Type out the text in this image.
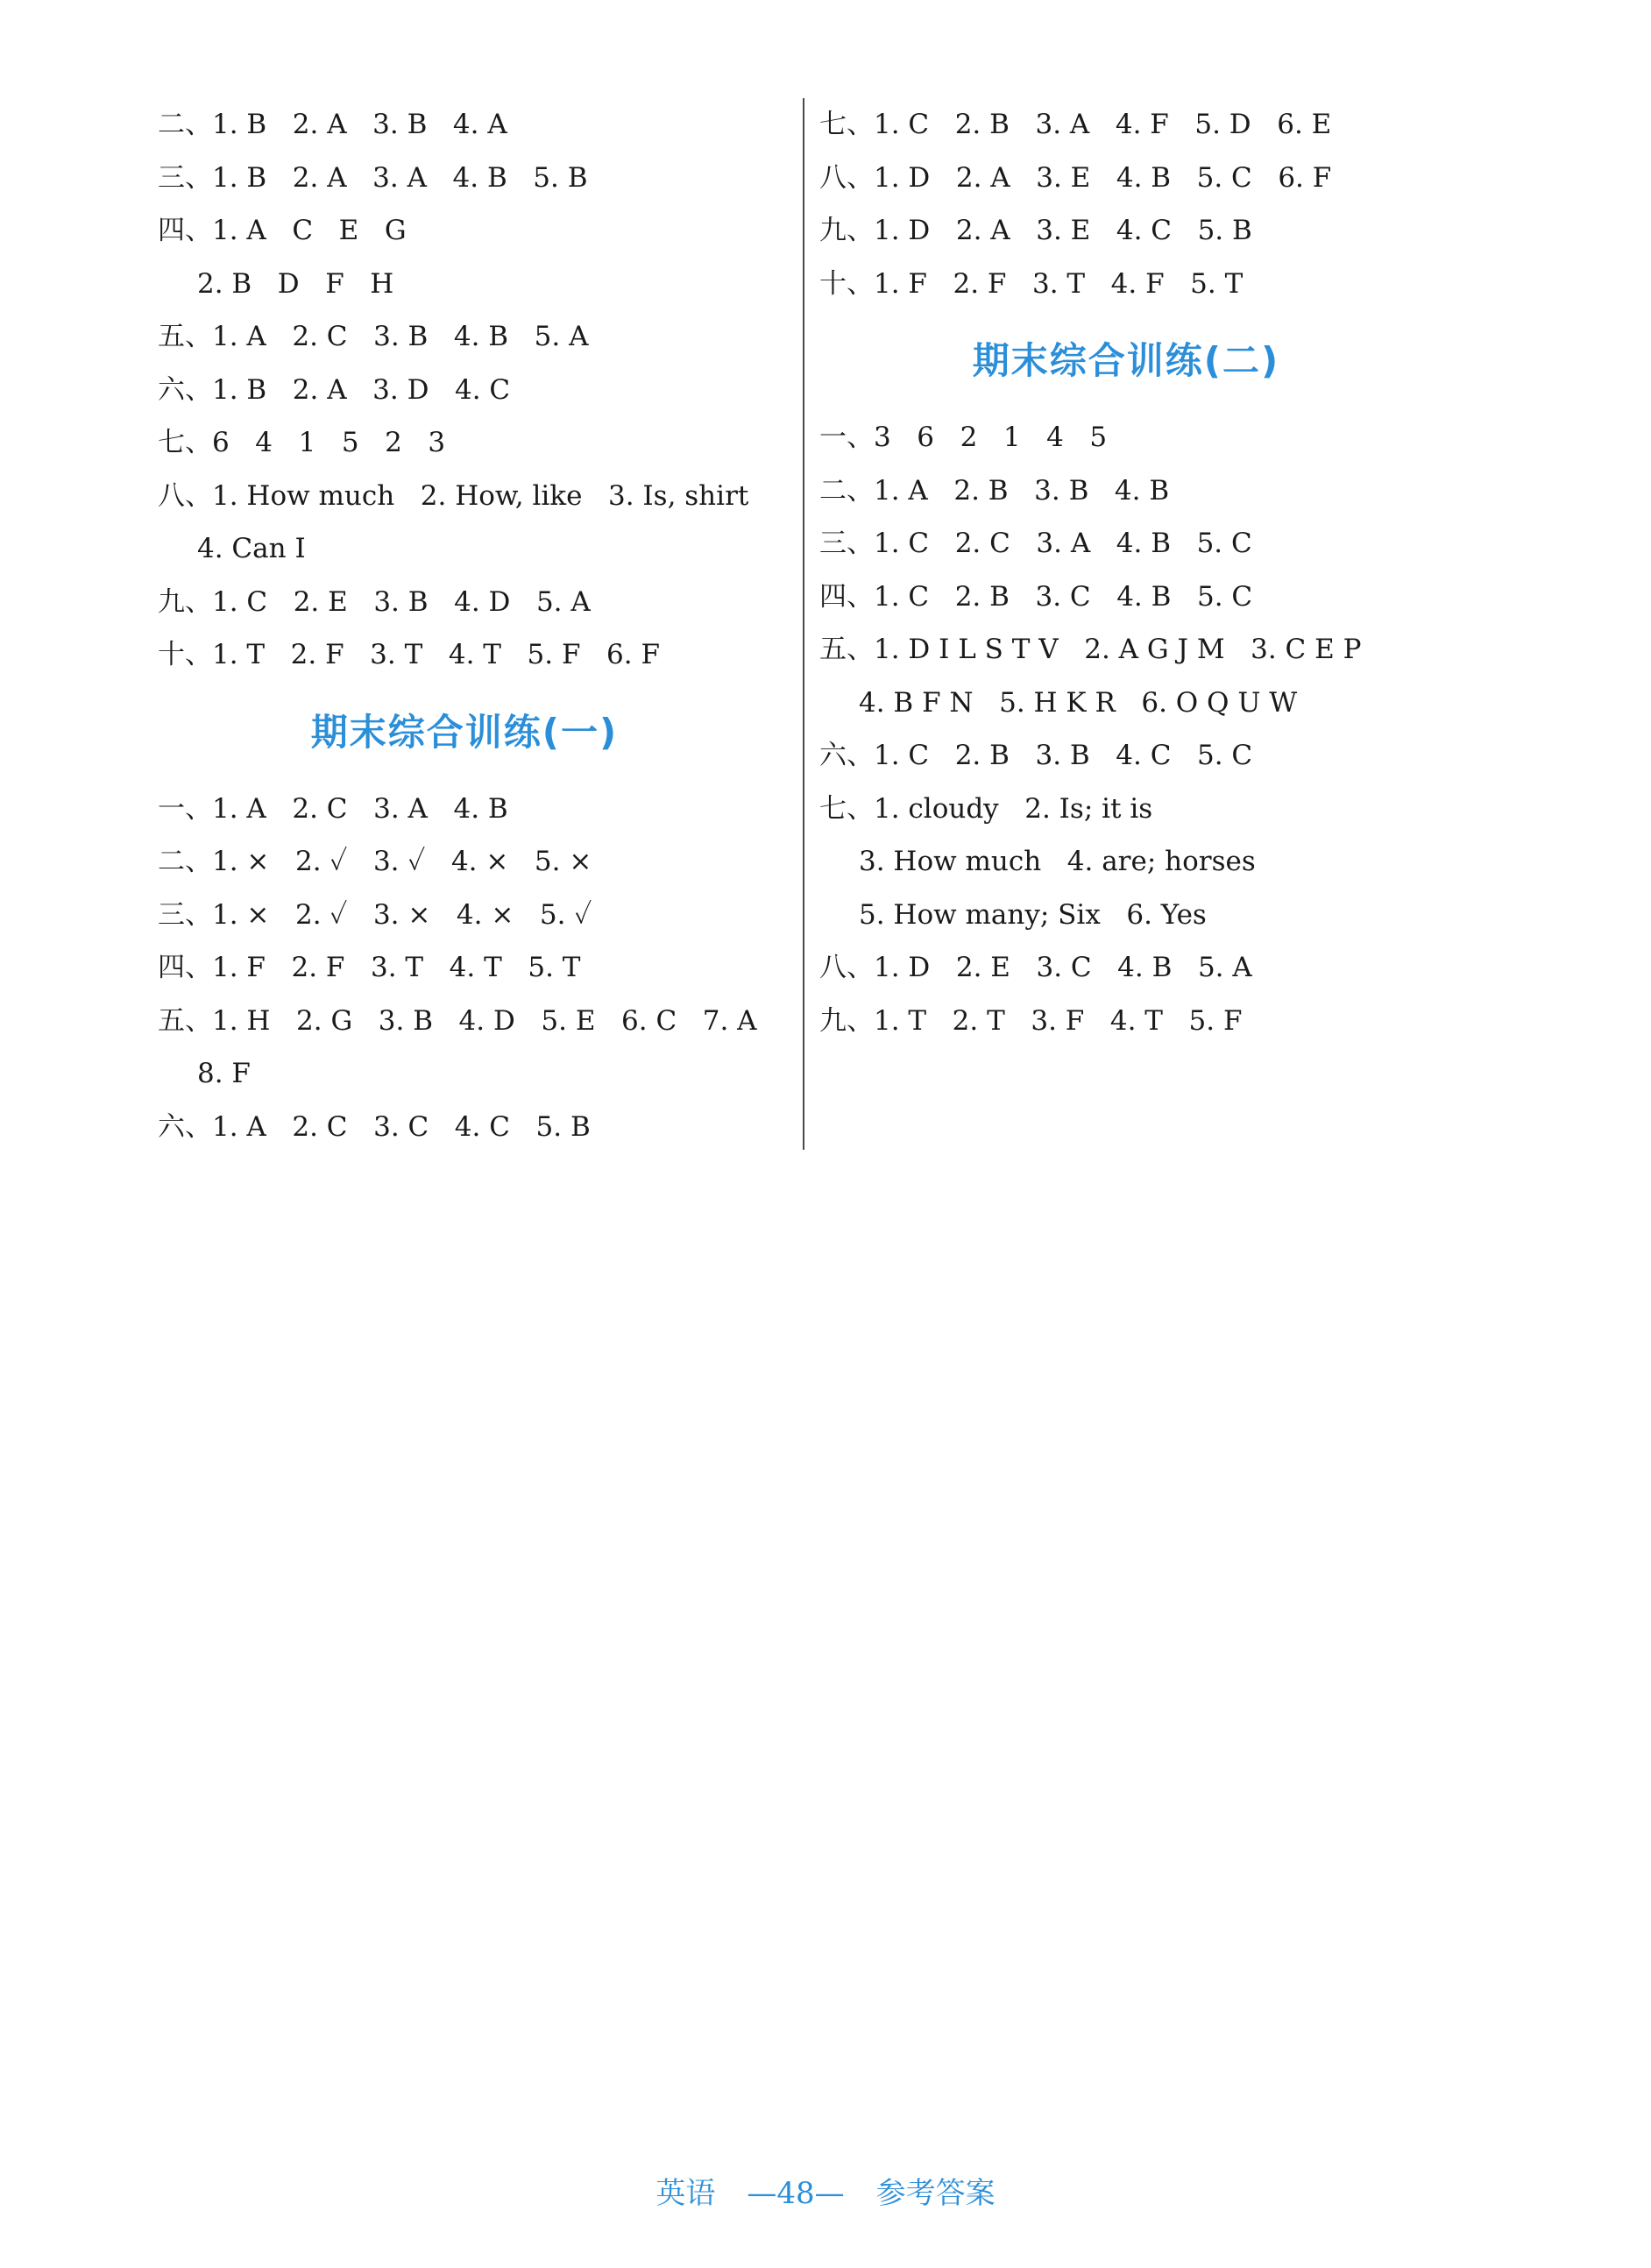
二、1. B   2. A   3. B   4. A
三、1. B   2. A   3. A   4. B   5. B
四、1. A   C   E   G
2. B   D   F   H
五、1. A   2. C   3. B   4. B   5. A
六、1. B   2. A   3. D   4. C
七、6   4   1   5   2   3
八、1. How much   2. How, like   3. Is, shirt
4. Can I
九、1. C   2. E   3. B   4. D   5. A
十、1. T   2. F   3. T   4. T   5. F   6. F
期末综合训练(一)
一、1. A   2. C   3. A   4. B
二、1. ×   2. ✓   3. ✓   4. ×   5. ×
三、1. ×   2. ✓   3. ×   4. ×   5. ✓
四、1. F   2. F   3. T   4. T   5. T
五、1. H   2. G   3. B   4. D   5. E   6. C   7. A
8. F
六、1. A   2. C   3. C   4. C   5. B
七、1. C   2. B   3. A   4. F   5. D   6. E
八、1. D   2. A   3. E   4. B   5. C   6. F
九、1. D   2. A   3. E   4. C   5. B
十、1. F   2. F   3. T   4. F   5. T
期末综合训练(二)
一、3   6   2   1   4   5
二、1. A   2. B   3. B   4. B
三、1. C   2. C   3. A   4. B   5. C
四、1. C   2. B   3. C   4. B   5. C
五、1. D I L S T V   2. A G J M   3. C E P
4. B F N   5. H K R   6. O Q U W
六、1. C   2. B   3. B   4. C   5. C
七、1. cloudy   2. Is; it is
3. How much   4. are; horses
5. How many; Six   6. Yes
八、1. D   2. E   3. C   4. B   5. A
九、1. T   2. T   3. F   4. T   5. F
英语 —48— 参考答案
